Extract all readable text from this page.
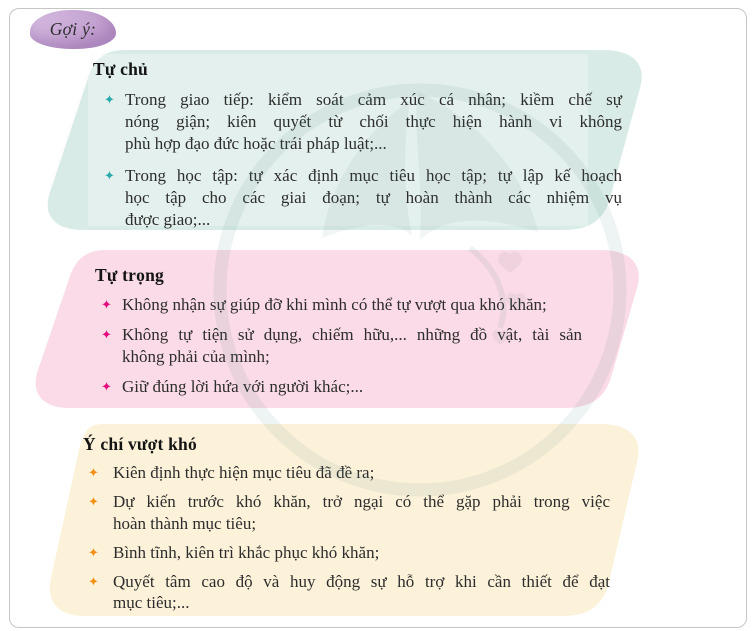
Gợi ý:
Tự chủ
✦ Trong giao tiếp: kiểm soát cảm xúc cá nhân; kiềm chế sự
nóng giận; kiên quyết từ chối thực hiện hành vi không
phù hợp đạo đức hoặc trái pháp luật;...
✦ Trong học tập: tự xác định mục tiêu học tập; tự lập kế hoạch
học tập cho các giai đoạn; tự hoàn thành các nhiệm vụ
được giao;...
Tự trọng
✦ Không nhận sự giúp đỡ khi mình có thể tự vượt qua khó khăn;
✦ Không tự tiện sử dụng, chiếm hữu,... những đồ vật, tài sản
không phải của mình;
✦ Giữ đúng lời hứa với người khác;...
Ý chí vượt khó
✦ Kiên định thực hiện mục tiêu đã đề ra;
✦ Dự kiến trước khó khăn, trở ngại có thể gặp phải trong việc
hoàn thành mục tiêu;
✦ Bình tĩnh, kiên trì khắc phục khó khăn;
✦ Quyết tâm cao độ và huy động sự hỗ trợ khi cần thiết để đạt
mục tiêu;...
